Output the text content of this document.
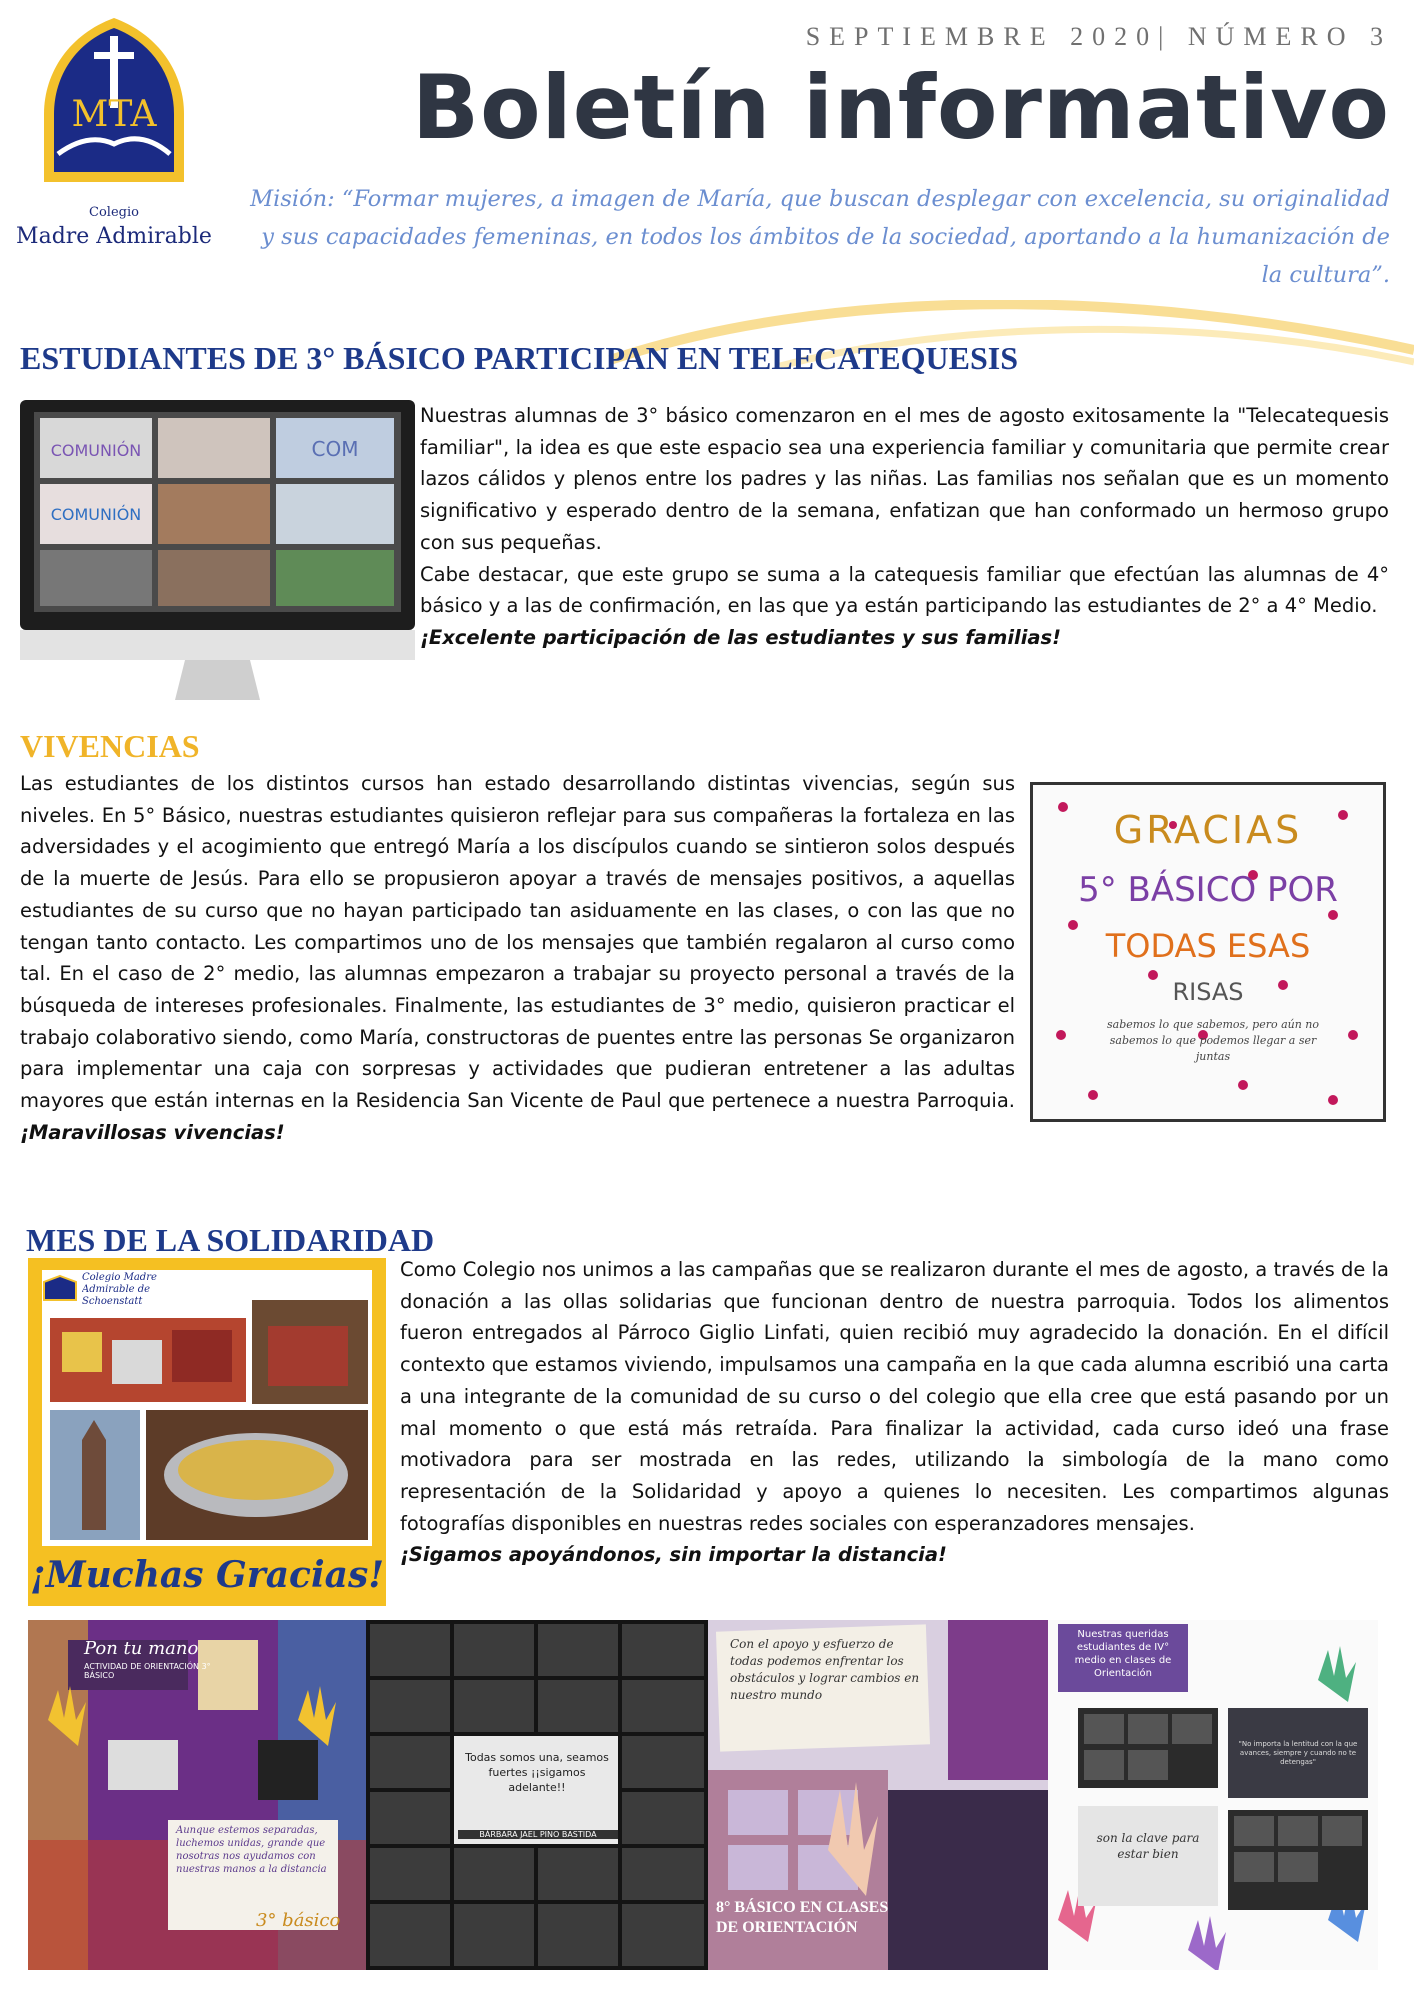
MTA
Colegio
Madre Admirable
SEPTIEMBRE 2020| NÚMERO 3
Boletín informativo
Misión: “Formar mujeres, a imagen de María, que buscan desplegar con excelencia, su originalidad y sus capacidades femeninas, en todos los ámbitos de la sociedad, aportando a la humanización de la cultura”.
ESTUDIANTES DE 3° BÁSICO PARTICIPAN EN TELECATEQUESIS
COMUNIÓN
COMUNIÓN
COM

Nuestras alumnas de 3° básico comenzaron en el mes de agosto exitosamente la "Telecatequesis familiar", la idea es que este espacio sea una experiencia familiar y comunitaria que permite crear lazos cálidos y plenos entre los padres y las niñas. Las familias nos señalan que es un momento significativo y esperado dentro de la semana, enfatizan que han conformado un hermoso grupo con sus pequeñas.

Cabe destacar, que este grupo se suma a la catequesis familiar que efectúan las alumnas de 4° básico y a las de confirmación, en las que ya están participando las estudiantes de 2° a 4° Medio.

¡Excelente participación de las estudiantes y sus familias!

VIVENCIAS
Las estudiantes de los distintos cursos han estado desarrollando distintas vivencias, según sus niveles. En 5° Básico, nuestras estudiantes quisieron reflejar para sus compañeras la fortaleza en las adversidades y el acogimiento que entregó María a los discípulos cuando se sintieron solos después de la muerte de Jesús. Para ello se propusieron apoyar a través de mensajes positivos, a aquellas estudiantes de su curso que no hayan participado tan asiduamente en las clases, o con las que no tengan tanto contacto. Les compartimos uno de los mensajes que también regalaron al curso como tal. En el caso de 2° medio, las alumnas empezaron a trabajar su proyecto personal a través de la búsqueda de intereses profesionales. Finalmente, las estudiantes de 3° medio, quisieron practicar el trabajo colaborativo siendo, como María, constructoras de puentes entre las personas Se organizaron para implementar una caja con sorpresas y actividades que pudieran entretener a las adultas mayores que están internas en la Residencia San Vicente de Paul que pertenece a nuestra Parroquia. ¡Maravillosas vivencias!
GRACIAS
5° BÁSICO POR
TODAS ESAS
RISAS
sabemos lo que sabemos, pero aún no sabemos lo que podemos llegar a ser juntas
MES DE LA SOLIDARIDAD
Colegio Madre Admirable de Schoenstatt
¡Muchas Gracias!

Como Colegio nos unimos a las campañas que se realizaron durante el mes de agosto, a través de la donación a las ollas solidarias que funcionan dentro de nuestra parroquia. Todos los alimentos fueron entregados al Párroco Giglio Linfati, quien recibió muy agradecido la donación. En el difícil contexto que estamos viviendo, impulsamos una campaña en la que cada alumna escribió una carta a una integrante de la comunidad de su curso o del colegio que ella cree que está pasando por un mal momento o que está más retraída. Para finalizar la actividad, cada curso ideó una frase motivadora para ser mostrada en las redes, utilizando la simbología de la mano como representación de la Solidaridad y apoyo a quienes lo necesiten. Les compartimos algunas fotografías disponibles en nuestras redes sociales con esperanzadores mensajes.

¡Sigamos apoyándonos, sin importar la distancia!

Pon tu mano
ACTIVIDAD DE ORIENTACIÓN 3° BÁSICO
Aunque estemos separadas, luchemos unidas, grande que nosotras nos ayudamos con nuestras manos a la distancia
3° básico
Todas somos una, seamos fuertes ¡¡sigamos adelante!!
BÁRBARA JAEL PINO BASTIDA
Con el apoyo y esfuerzo de todas podemos enfrentar los obstáculos y lograr cambios en nuestro mundo
8° BÁSICO EN CLASES DE ORIENTACIÓN
Nuestras queridas estudiantes de IV° medio en clases de Orientación
"No importa la lentitud con la que avances, siempre y cuando no te detengas"
son la clave para estar bien
